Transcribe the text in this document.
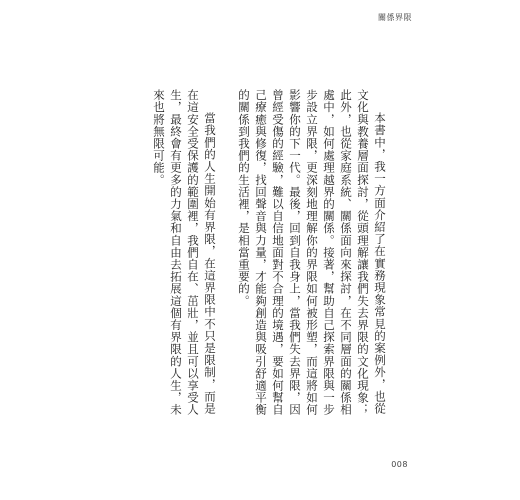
關係界限

本書中，我一方面介紹了在實務現象常見的案例外，也從文化與教養層面探討，從頭理解讓我們失去界限的文化現象；此外，也從家庭系統、關係面向來探討，在不同層面的關係相處中，如何處理越界的關係。接著，幫助自己探索界限與一步步設立界限，更深刻地理解你的界限如何被形塑，而這將如何影響你的下一代。最後，回到自我身上，當我們失去界限，因曾經受傷的經驗，難以自信地面對不合理的境遇，要如何幫自己療癒與修復，找回聲音與力量，才能夠創造與吸引舒適平衡的關係到我們的生活裡，是相當重要的。

當我們的人生開始有界限，在這界限中不只是限制，而是在這安全受保護的範圍裡，我們自在、茁壯，並且可以享受人生，最終會有更多的力氣和自由去拓展這個有界限的人生，未來也將無限可能。

008
